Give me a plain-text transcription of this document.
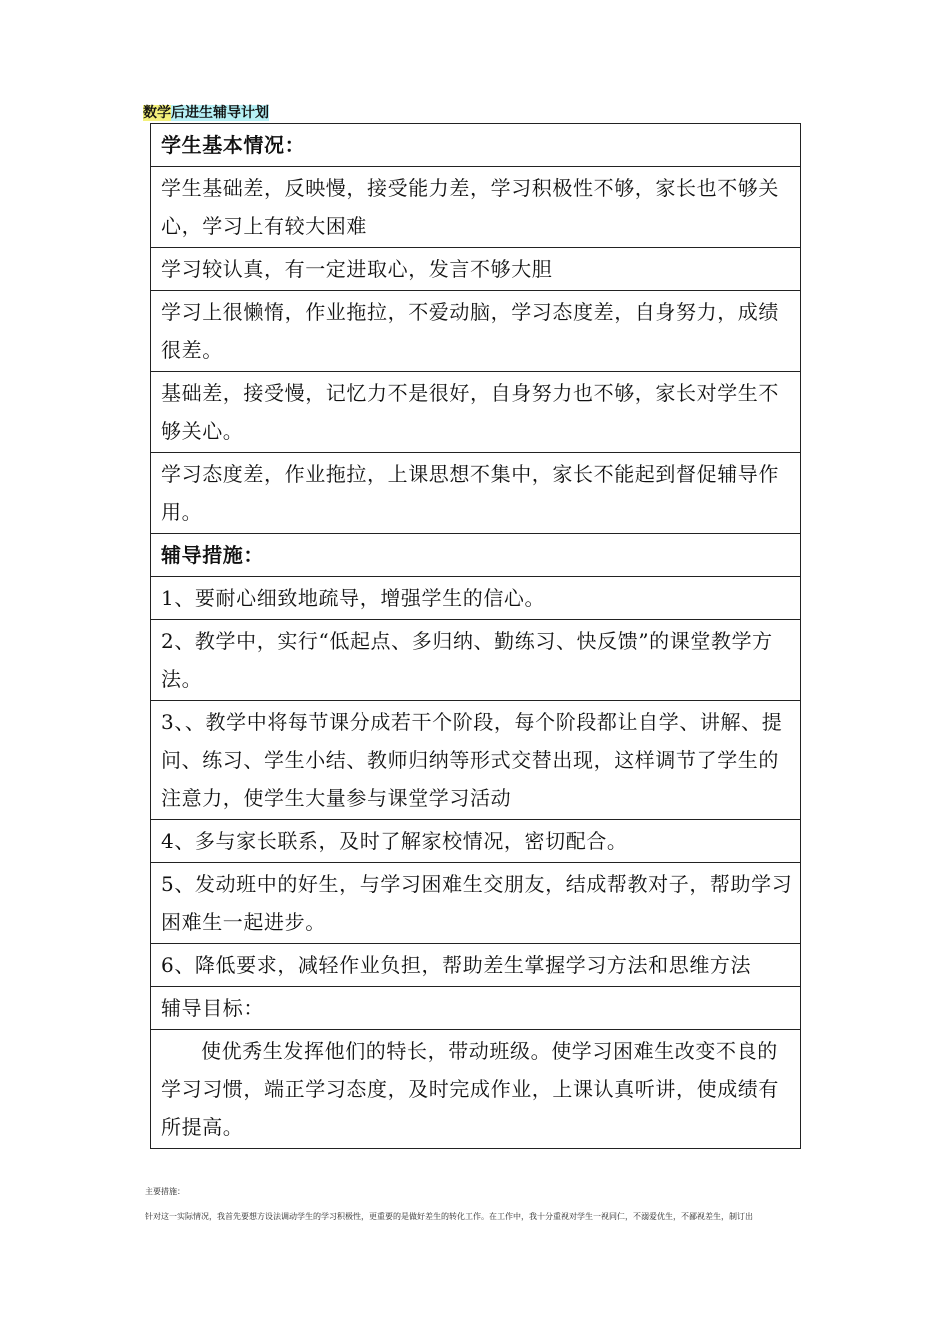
数学后进生辅导计划
学生基本情况：
学生基础差，反映慢，接受能力差，学习积极性不够，家长也不够关心，学习上有较大困难
学习较认真，有一定进取心，发言不够大胆
学习上很懒惰，作业拖拉，不爱动脑，学习态度差，自身努力，成绩很差。
基础差，接受慢，记忆力不是很好，自身努力也不够，家长对学生不够关心。
学习态度差，作业拖拉，上课思想不集中，家长不能起到督促辅导作用。
辅导措施：
1、要耐心细致地疏导，增强学生的信心。
2、教学中，实行“低起点、多归纳、勤练习、快反馈”的课堂教学方法。
3、、教学中将每节课分成若干个阶段，每个阶段都让自学、讲解、提问、练习、学生小结、教师归纳等形式交替出现，这样调节了学生的注意力，使学生大量参与课堂学习活动
4、多与家长联系，及时了解家校情况，密切配合。
5、发动班中的好生，与学习困难生交朋友，结成帮教对子，帮助学习困难生一起进步。
6、降低要求，减轻作业负担，帮助差生掌握学习方法和思维方法
辅导目标：
使优秀生发挥他们的特长，带动班级。使学习困难生改变不良的学习习惯，端正学习态度，及时完成作业，上课认真听讲，使成绩有所提高。
主要措施：
针对这一实际情况，我首先要想方设法调动学生的学习积极性，更重要的是做好差生的转化工作。在工作中，我十分重视对学生一视同仁，不溺爱优生，不鄙视差生，制订出
